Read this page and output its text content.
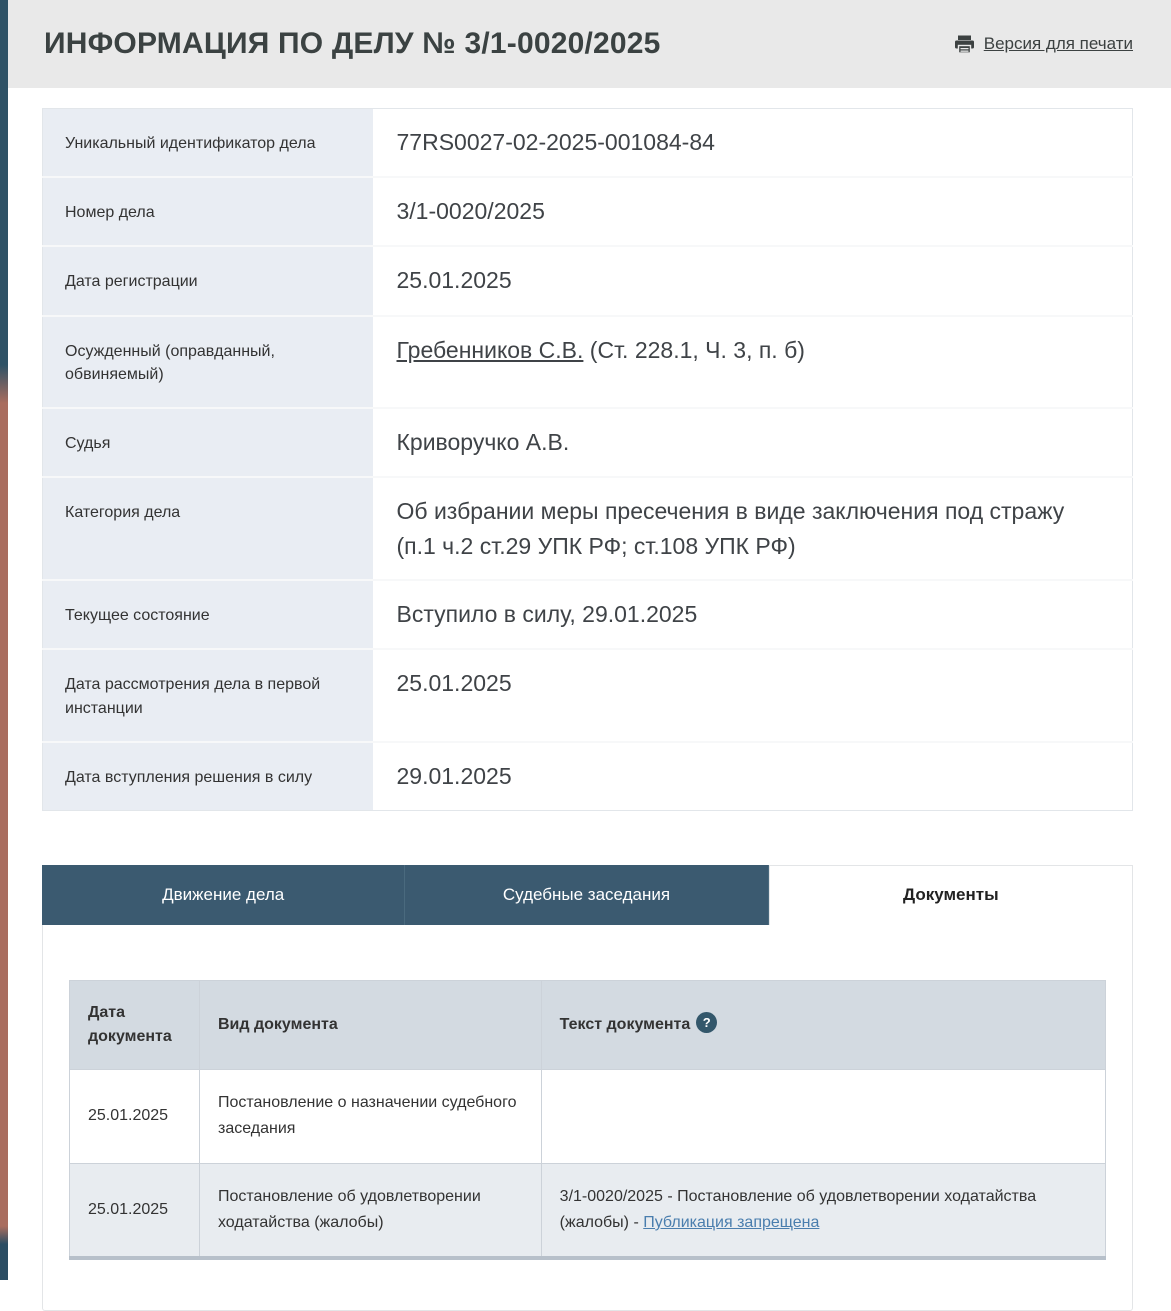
ИНФОРМАЦИЯ ПО ДЕЛУ № 3/1-0020/2025	Версия для печати
Уникальный идентификатор дела	77RS0027-02-2025-001084-84
Номер дела	3/1-0020/2025
Дата регистрации	25.01.2025
Осужденный (оправданный, обвиняемый)	Гребенников С.В. (Ст. 228.1, Ч. 3, п. б)
Судья	Криворучко А.В.
Категория дела	Об избрании меры пресечения в виде заключения под стражу (п.1 ч.2 ст.29 УПК РФ; ст.108 УПК РФ)
Текущее состояние	Вступило в силу, 29.01.2025
Дата рассмотрения дела в первой инстанции	25.01.2025
Дата вступления решения в силу	29.01.2025
Движение дела	Судебные заседания	Документы
Дата документа	Вид документа	Текст документа ?
25.01.2025	Постановление о назначении судебного заседания	
25.01.2025	Постановление об удовлетворении ходатайства (жалобы)	3/1-0020/2025 - Постановление об удовлетворении ходатайства (жалобы) - Публикация запрещена
